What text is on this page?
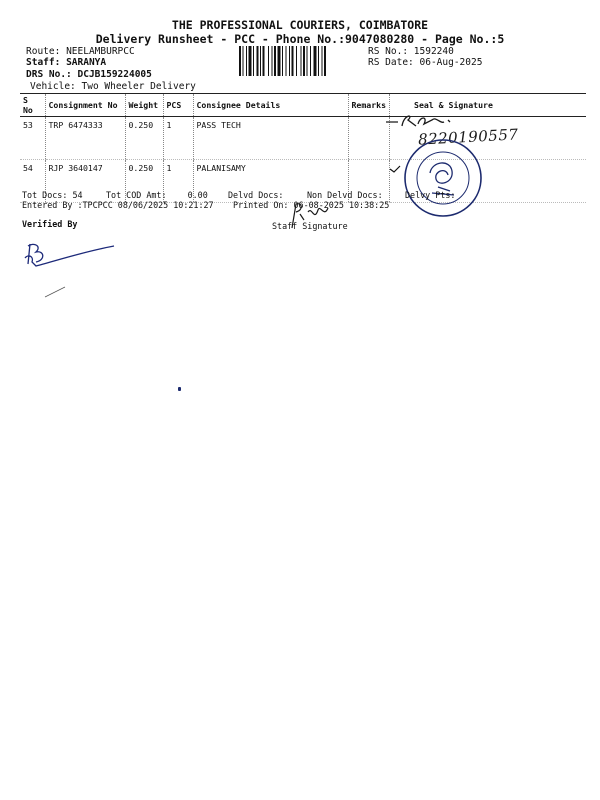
THE PROFESSIONAL COURIERS, COIMBATORE
Delivery Runsheet - PCC - Phone No.:9047080280 - Page No.:5
Route: NEELAMBURPCC
Staff: SARANYA
DRS No.: DCJB159224005
Vehicle: Two Wheeler Delivery
RS No.: 1592240
RS Date: 06-Aug-2025
S No	Consignment No	Weight	PCS	Consignee Details	Remarks	Seal & Signature
53	TRP 6474333	0.250	1	PASS TECH		
54	RJP 3640147	0.250	1	PALANISAMY		
8220190557
Tot Docs: 54	Tot COD Amt:	0.00 Delvd Docs:	Non Delvd Docs:	Delvy Pts:
Entered By :TPCPCC 08/06/2025 10:21:27 Printed On: 06-08-2025 10:38:25
Verified By	Staff Signature
